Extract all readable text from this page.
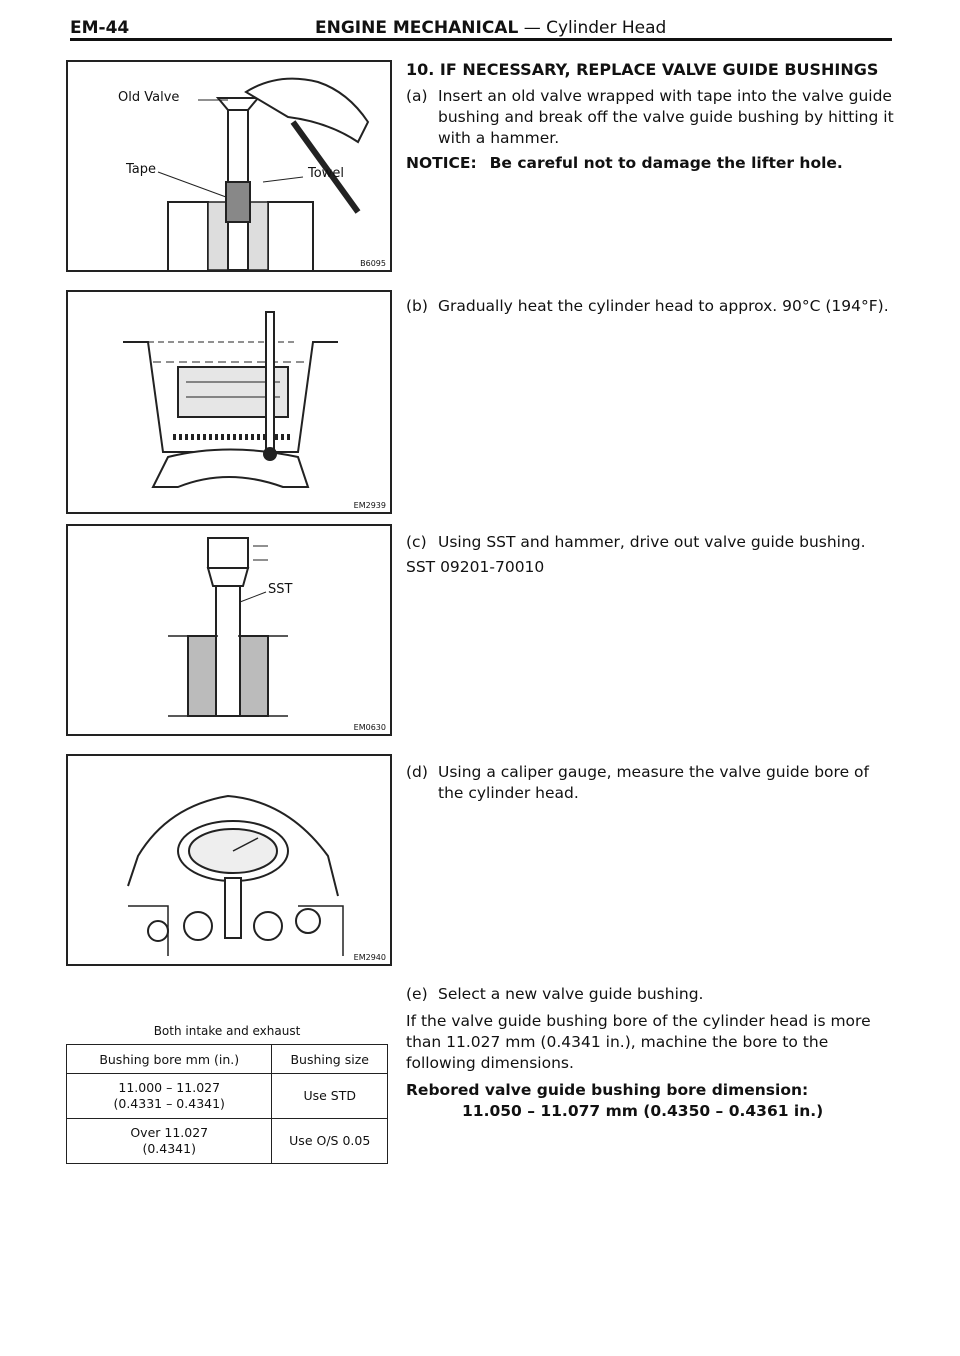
EM-44	ENGINE MECHANICAL — Cylinder Head
Old Valve
Tape	Towel
B6095
EM2939
SST
EM0630
EM2940
10. IF NECESSARY, REPLACE VALVE GUIDE BUSHINGS
(a) Insert an old valve wrapped with tape into the valve guide bushing and break off the valve guide bushing by hitting it with a hammer.
NOTICE: Be careful not to damage the lifter hole.
(b) Gradually heat the cylinder head to approx. 90°C (194°F).
(c) Using SST and hammer, drive out valve guide bushing.
SST 09201-70010
(d) Using a caliper gauge, measure the valve guide bore of the cylinder head.
(e) Select a new valve guide bushing.
If the valve guide bushing bore of the cylinder head is more than 11.027 mm (0.4341 in.), machine the bore to the following dimensions.
Rebored valve guide bushing bore dimension:
11.050 – 11.077 mm (0.4350 – 0.4361 in.)
Both intake and exhaust
Bushing bore mm (in.)	Bushing size

11.000 – 11.027
(0.4331 – 0.4341)	Use STD

Over 11.027
(0.4341)	Use O/S 0.05
